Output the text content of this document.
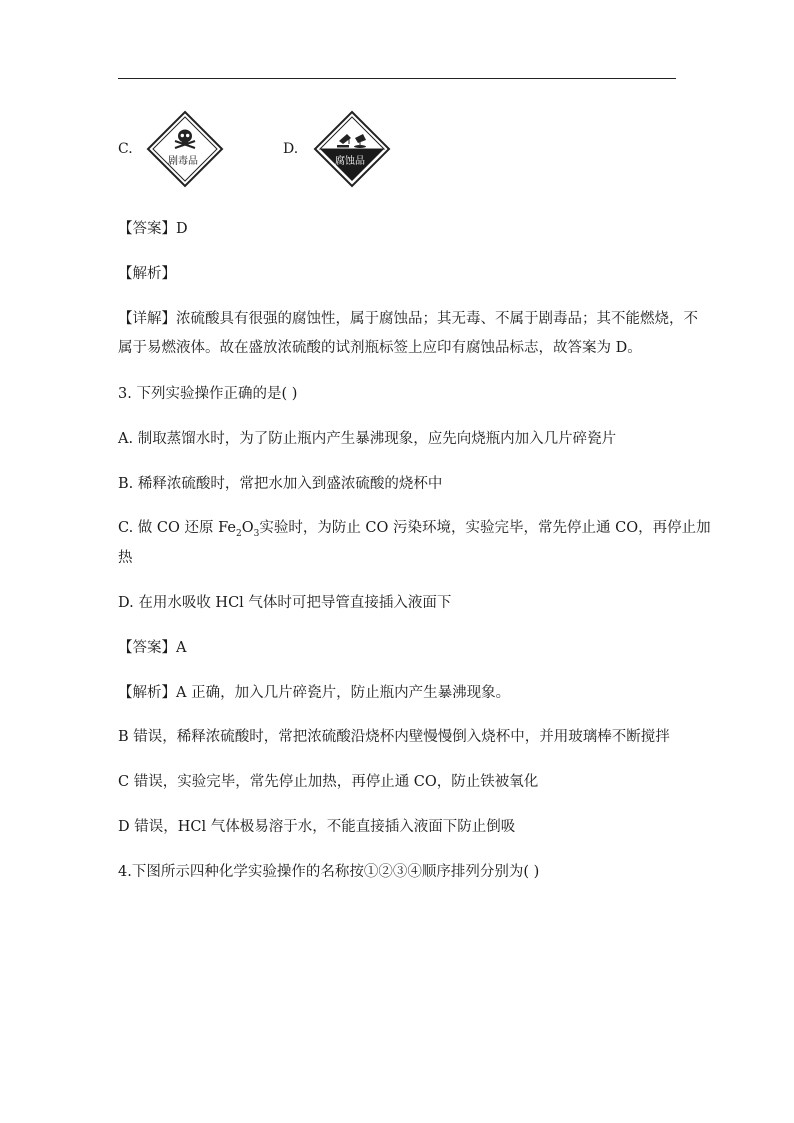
C.
剧毒品
D.
腐蚀品
【答案】D
【解析】
【详解】浓硫酸具有很强的腐蚀性，属于腐蚀品；其无毒、不属于剧毒品；其不能燃烧，不
属于易燃液体。故在盛放浓硫酸的试剂瓶标签上应印有腐蚀品标志，故答案为 D。
3. 下列实验操作正确的是( )
A. 制取蒸馏水时，为了防止瓶内产生暴沸现象，应先向烧瓶内加入几片碎瓷片
B. 稀释浓硫酸时，常把水加入到盛浓硫酸的烧杯中
C. 做 CO 还原 $Fe_2O_3$实验时，为防止 CO 污染环境，实验完毕，常先停止通 CO，再停止加
热
D. 在用水吸收 HCl 气体时可把导管直接插入液面下
【答案】A
【解析】A 正确，加入几片碎瓷片，防止瓶内产生暴沸现象。
B 错误，稀释浓硫酸时，常把浓硫酸沿烧杯内壁慢慢倒入烧杯中，并用玻璃棒不断搅拌
C 错误，实验完毕，常先停止加热，再停止通 CO，防止铁被氧化
D 错误，HCl 气体极易溶于水，不能直接插入液面下防止倒吸
4.下图所示四种化学实验操作的名称按①②③④顺序排列分别为( )
